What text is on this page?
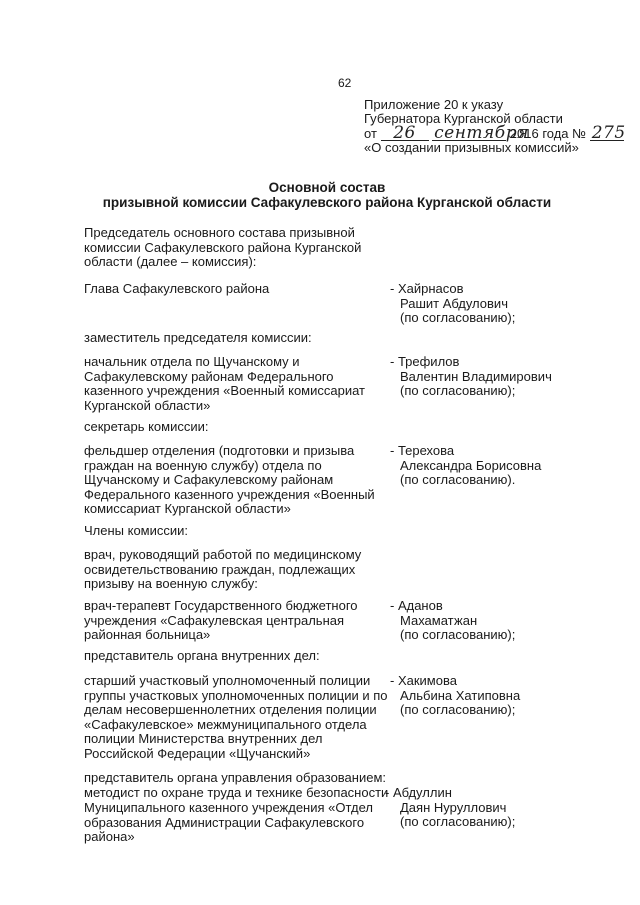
62
Приложение 20 к указу
Губернатора Курганской области
от 26 сентября 2016 года № 275
«О создании призывных комиссий»
Основной состав
призывной комиссии Сафакулевского района Курганской области
Председатель основного состава призывной комиссии Сафакулевского района Курганской области (далее – комиссия):
Глава Сафакулевского района	- Хайрнасов
Рашит Абдулович
(по согласованию);
заместитель председателя комиссии:
начальник отдела по Щучанскому и Сафакулевскому районам Федерального казенного учреждения «Военный комиссариат Курганской области»
- Трефилов
Валентин Владимирович
(по согласованию);
секретарь комиссии:
фельдшер отделения (подготовки и призыва граждан на военную службу) отдела по Щучанскому и Сафакулевскому районам Федерального казенного учреждения «Военный комиссариат Курганской области»
- Терехова
Александра Борисовна
(по согласованию).
Члены комиссии:
врач, руководящий работой по медицинскому освидетельствованию граждан, подлежащих призыву на военную службу:
врач-терапевт Государственного бюджетного учреждения «Сафакулевская центральная районная больница»
- Аданов
Махаматжан
(по согласованию);
представитель органа внутренних дел:
старший участковый уполномоченный полиции группы участковых уполномоченных полиции и по делам несовершеннолетних отделения полиции «Сафакулевское» межмуниципального отдела полиции Министерства внутренних дел Российской Федерации «Щучанский»
- Хакимова
Альбина Хатиповна
(по согласованию);
представитель органа управления образованием:
методист по охране труда и технике безопасности
Муниципального казенного учреждения «Отдел образования Администрации Сафакулевского района»
- Абдуллин
Даян Нуруллович
(по согласованию);
